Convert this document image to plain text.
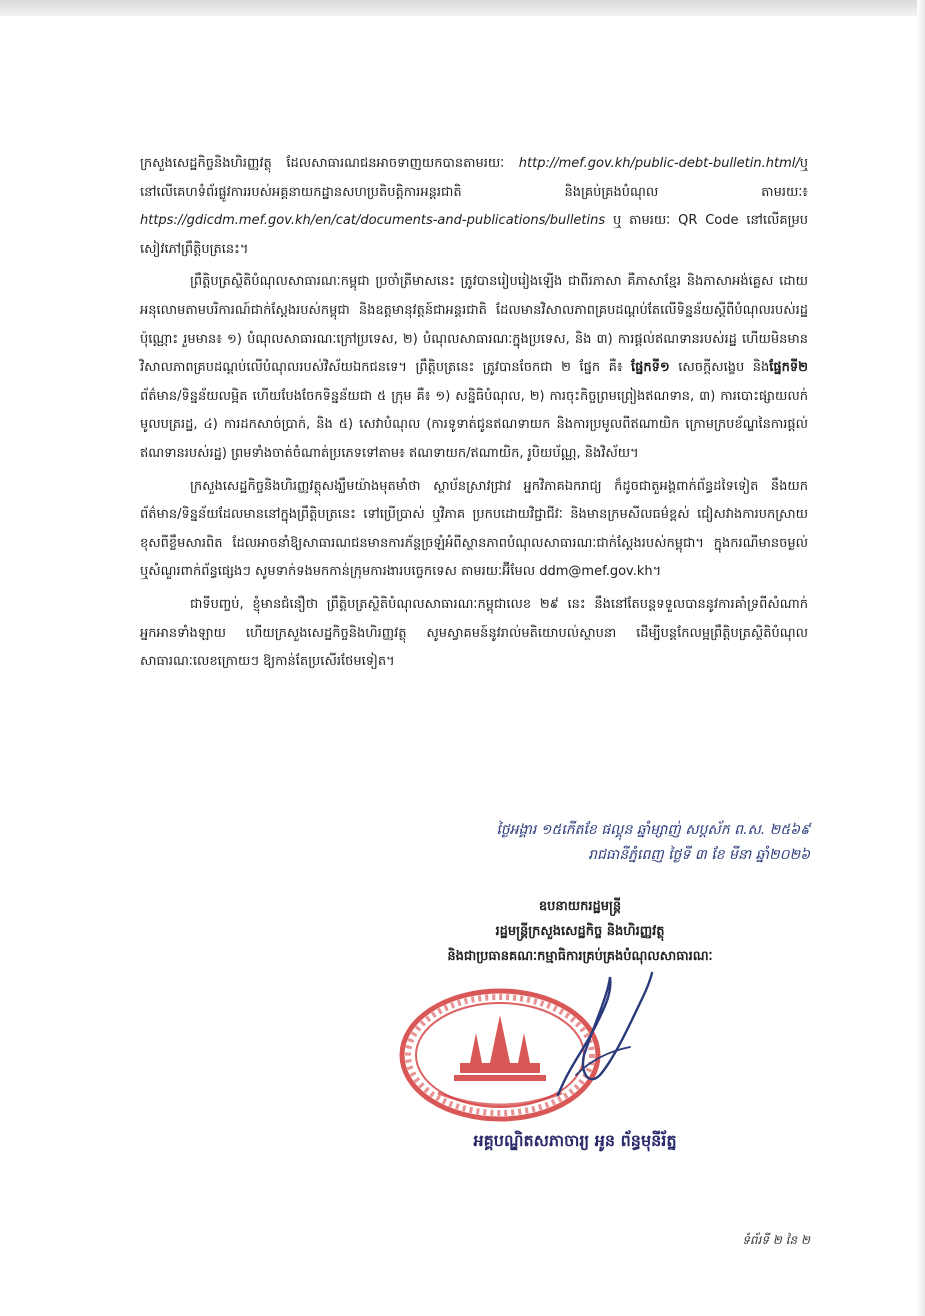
ក្រសួងសេដ្ឋកិច្ចនិងហិរញ្ញវត្ថុ ដែលសាធារណជនអាចទាញយកបានតាមរយៈ http://mef.gov.kh/public-debt-bulletin.html/ឬ នៅលើគេហទំព័រផ្លូវការរបស់អគ្គនាយកដ្ឋានសហប្រតិបត្តិការអន្តរជាតិ និងគ្រប់គ្រងបំណុល តាមរយៈ៖ https://gdicdm.mef.gov.kh/en/cat/documents-and-publications/bulletins ឬ តាមរយៈ QR Code នៅលើគម្របសៀវភៅព្រឹត្តិបត្រនេះ។

ព្រឹត្តិបត្រស្ថិតិបំណុលសាធារណៈកម្ពុជា ប្រចាំត្រីមាសនេះ ត្រូវបានរៀបរៀងឡើង ជាពីរភាសា គឺភាសាខ្មែរ និងភាសាអង់គ្លេស ដោយអនុលោមតាមបរិការណ៍ជាក់ស្តែងរបស់កម្ពុជា និងឧត្តមានុវត្តន៍ជាអន្តរជាតិ ដែលមានវិសាលភាពគ្របដណ្តប់តែលើទិន្នន័យស្តីពីបំណុលរបស់រដ្ឋប៉ុណ្ណោះ រួមមាន៖ ១) បំណុលសាធារណៈក្រៅប្រទេស, ២) បំណុលសាធារណៈក្នុងប្រទេស, និង ៣) ការផ្តល់ឥណទានរបស់រដ្ឋ ហើយមិនមានវិសាលភាពគ្របដណ្តប់លើបំណុលរបស់វិស័យឯកជនទេ។ ព្រឹត្តិបត្រនេះ ត្រូវបានចែកជា ២ ផ្នែក គឺ៖ ផ្នែកទី១ សេចក្តីសង្ខេប និងផ្នែកទី២ ព័ត៌មាន/ទិន្នន័យលម្អិត ហើយបែងចែកទិន្នន័យជា ៥ ក្រុម គឺ៖ ១) សន្និធិបំណុល, ២) ការចុះកិច្ចព្រមព្រៀងឥណទាន, ៣) ការបោះផ្សាយលក់មូលបត្ររដ្ឋ, ៤) ការដកសាច់ប្រាក់, និង ៥) សេវាបំណុល (ការទូទាត់ជូនឥណទាយក និងការប្រមូលពីឥណាយិក ក្រោមក្របខ័ណ្ឌនៃការផ្តល់ឥណទានរបស់រដ្ឋ) ព្រមទាំងចាត់ចំណាត់ប្រភេទទៅតាម៖ ឥណទាយក/ឥណាយិក, រូបិយប័ណ្ណ, និងវិស័យ។

ក្រសួងសេដ្ឋកិច្ចនិងហិរញ្ញវត្ថុសង្ឃឹមយ៉ាងមុតមាំថា ស្ថាប័នស្រាវជ្រាវ អ្នកវិភាគឯករាជ្យ ក៏ដូចជាតួអង្គពាក់ព័ន្ធដទៃទៀត នឹងយកព័ត៌មាន/ទិន្នន័យដែលមាននៅក្នុងព្រឹត្តិបត្រនេះ ទៅប្រើប្រាស់ ឬវិភាគ ប្រកបដោយវិជ្ជាជីវៈ និងមានក្រមសីលធម៌ខ្ពស់ ជៀសវាងការបកស្រាយខុសពីខ្លឹមសារពិត ដែលអាចនាំឱ្យសាធារណជនមានការភ័ន្តច្រឡំអំពីស្ថានភាពបំណុលសាធារណៈជាក់ស្តែងរបស់កម្ពុជា។ ក្នុងករណីមានចម្ងល់ ឬសំណួរពាក់ព័ន្ធផ្សេងៗ សូមទាក់ទងមកកាន់ក្រុមការងារបច្ចេកទេស តាមរយៈអ៊ីមែល ddm@mef.gov.kh។

ជាទីបញ្ចប់, ខ្ញុំមានជំនឿថា ព្រឹត្តិបត្រស្ថិតិបំណុលសាធារណៈកម្ពុជាលេខ ២៩ នេះ នឹងនៅតែបន្តទទួលបាននូវការគាំទ្រពីសំណាក់អ្នកអានទាំងឡាយ ហើយក្រសួងសេដ្ឋកិច្ចនិងហិរញ្ញវត្ថុ សូមស្វាគមន៍នូវរាល់មតិយោបល់ស្ថាបនា ដើម្បីបន្តកែលម្អព្រឹត្តិបត្រស្ថិតិបំណុលសាធារណៈលេខក្រោយៗ ឱ្យកាន់តែប្រសើរថែមទៀត។

ថ្ងៃអង្គារ ១៥កើតខែ ផល្គុន ឆ្នាំម្សាញ់ សប្តស័ក ព.ស. ២៥៦៩
រាជធានីភ្នំពេញ ថ្ងៃទី ៣ ខែ មីនា ឆ្នាំ២០២៦
ឧបនាយករដ្ឋមន្ត្រី
រដ្ឋមន្ត្រីក្រសួងសេដ្ឋកិច្ច និងហិរញ្ញវត្ថុ
និងជាប្រធានគណៈកម្មាធិការគ្រប់គ្រងបំណុលសាធារណៈ
អគ្គបណ្ឌិតសភាចារ្យ អូន ព័ន្ធមុនីរ័ត្ន
ទំព័រទី ២ នៃ ២
